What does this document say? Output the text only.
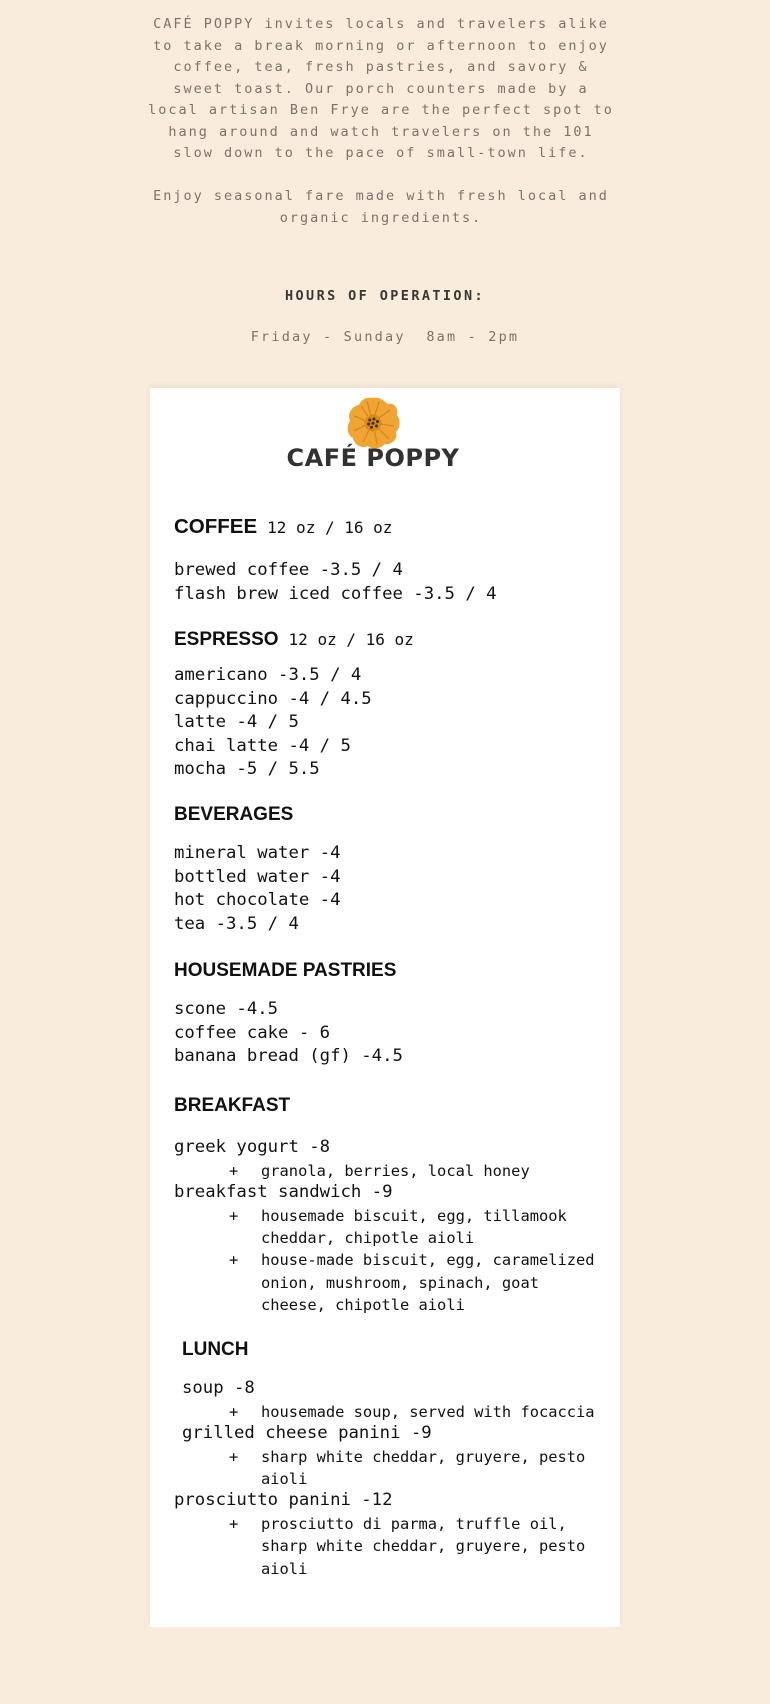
CAFÉ POPPY invites locals and travelers alike to take a break morning or afternoon to enjoy coffee, tea, fresh pastries, and savory & sweet toast. Our porch counters made by a local artisan Ben Frye are the perfect spot to hang around and watch travelers on the 101 slow down to the pace of small-town life.
Enjoy seasonal fare made with fresh local and organic ingredients.
HOURS OF OPERATION:
Friday - Sunday 8am - 2pm
CAFÉ POPPY
COFFEE 12 oz / 16 oz
brewed coffee -3.5 / 4
flash brew iced coffee -3.5 / 4
ESPRESSO 12 oz / 16 oz
americano -3.5 / 4
cappuccino -4 / 4.5
latte -4 / 5
chai latte -4 / 5
mocha -5 / 5.5
BEVERAGES
mineral water -4
bottled water -4
hot chocolate -4
tea -3.5 / 4
HOUSEMADE PASTRIES
scone -4.5
coffee cake - 6
banana bread (gf) -4.5
BREAKFAST
greek yogurt -8
+ granola, berries, local honey
breakfast sandwich -9
+ housemade biscuit, egg, tillamook cheddar, chipotle aioli
+ house-made biscuit, egg, caramelized onion, mushroom, spinach, goat cheese, chipotle aioli
LUNCH
soup -8
+ housemade soup, served with focaccia
grilled cheese panini -9
+ sharp white cheddar, gruyere, pesto aioli
prosciutto panini -12
+ prosciutto di parma, truffle oil, sharp white cheddar, gruyere, pesto aioli
